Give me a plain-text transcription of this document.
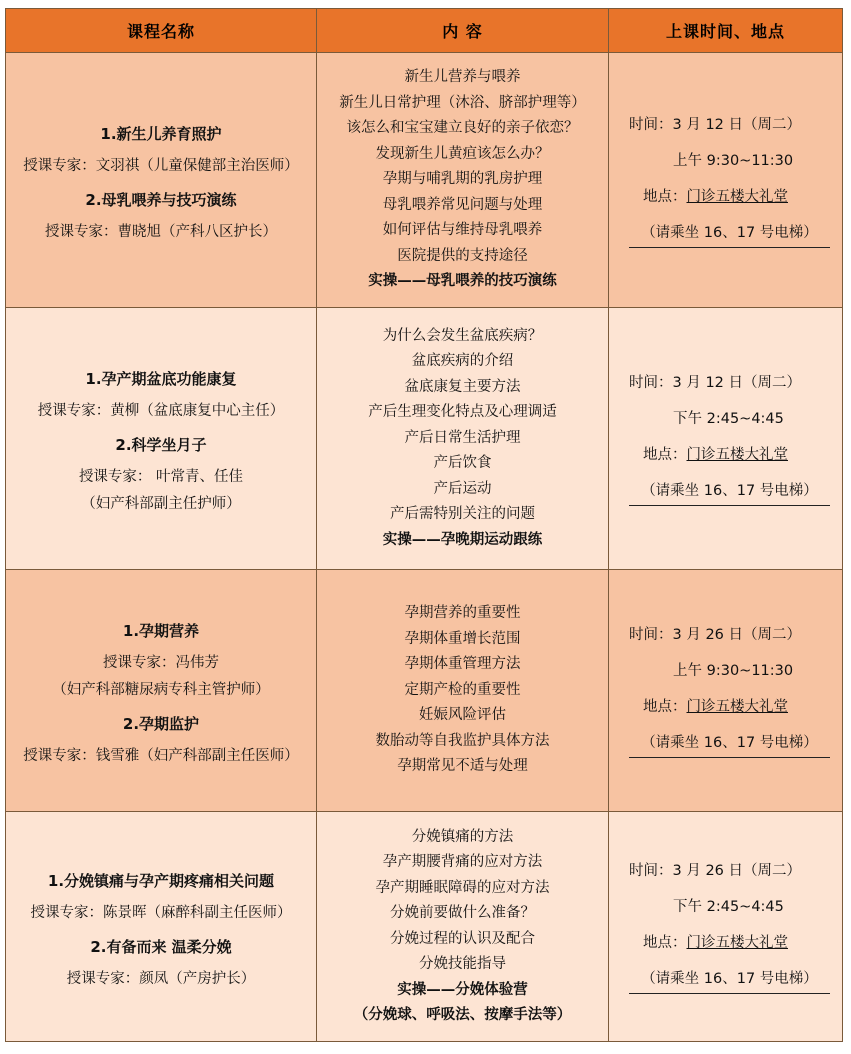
课程名称	内 容	上课时间、地点
1.新生儿养育照护
授课专家：文羽祺（儿童保健部主治医师）
2.母乳喂养与技巧演练
授课专家：曹晓旭（产科八区护长）
新生儿营养与喂养
新生儿日常护理（沐浴、脐部护理等）
该怎么和宝宝建立良好的亲子依恋？
发现新生儿黄疸该怎么办？
孕期与哺乳期的乳房护理
母乳喂养常见问题与处理
如何评估与维持母乳喂养
医院提供的支持途径
实操——母乳喂养的技巧演练
时间：3 月 12 日（周二）
上午 9:30~11:30
地点：门诊五楼大礼堂
（请乘坐 16、17 号电梯）
1.孕产期盆底功能康复
授课专家：黄柳（盆底康复中心主任）
2.科学坐月子
授课专家： 叶常青、任佳
（妇产科部副主任护师）
为什么会发生盆底疾病？
盆底疾病的介绍
盆底康复主要方法
产后生理变化特点及心理调适
产后日常生活护理
产后饮食
产后运动
产后需特别关注的问题
实操——孕晚期运动跟练
时间：3 月 12 日（周二）
下午 2:45~4:45
地点：门诊五楼大礼堂
（请乘坐 16、17 号电梯）
1.孕期营养
授课专家：冯伟芳
（妇产科部糖尿病专科主管护师）
2.孕期监护
授课专家：钱雪雅（妇产科部副主任医师）
孕期营养的重要性
孕期体重增长范围
孕期体重管理方法
定期产检的重要性
妊娠风险评估
数胎动等自我监护具体方法
孕期常见不适与处理
时间：3 月 26 日（周二）
上午 9:30~11:30
地点：门诊五楼大礼堂
（请乘坐 16、17 号电梯）
1.分娩镇痛与孕产期疼痛相关问题
授课专家：陈景晖（麻醉科副主任医师）
2.有备而来 温柔分娩
授课专家：颜凤（产房护长）
分娩镇痛的方法
孕产期腰背痛的应对方法
孕产期睡眠障碍的应对方法
分娩前要做什么准备？
分娩过程的认识及配合
分娩技能指导
实操——分娩体验营
（分娩球、呼吸法、按摩手法等）
时间：3 月 26 日（周二）
下午 2:45~4:45
地点：门诊五楼大礼堂
（请乘坐 16、17 号电梯）
